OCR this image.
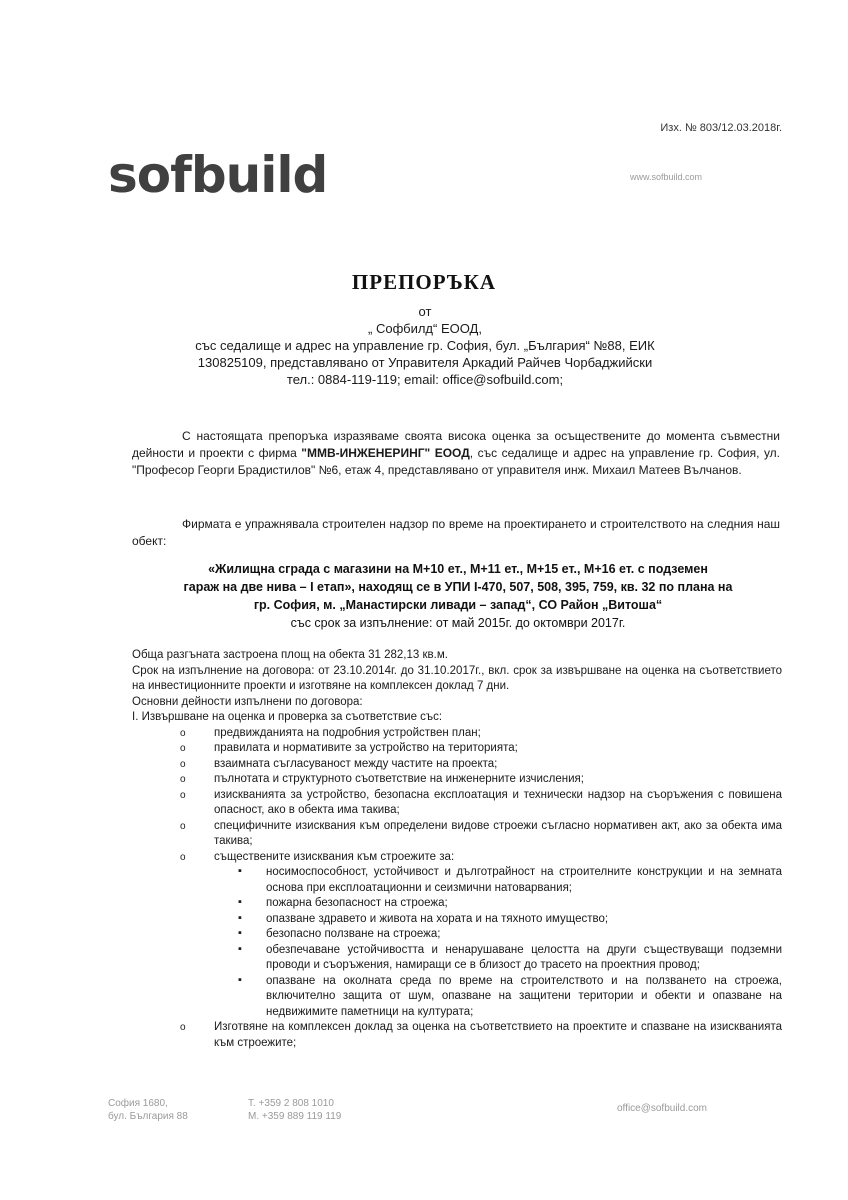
Изх. № 803/12.03.2018г.
sofbuild	www.sofbuild.com
ПРЕПОРЪКА
от
„ Софбилд“ ЕООД,
със седалище и адрес на управление гр. София, бул. „България“ №88, ЕИК
130825109, представлявано от Управителя Аркадий Райчев Чорбаджийски
тел.: 0884-119-119; email: office@sofbuild.com;
С настоящата препоръка изразяваме своята висока оценка за осъществените до момента съвместни дейности и проекти с фирма "ММВ-ИНЖЕНЕРИНГ" ЕООД, със седалище и адрес на управление гр. София, ул. "Професор Георги Брадистилов" №6, етаж 4, представлявано от управителя инж. Михаил Матеев Вълчанов.
Фирмата е упражнявала строителен надзор по време на проектирането и строителството на следния наш обект:
«Жилищна сграда с магазини на М+10 ет., М+11 ет., М+15 ет., М+16 ет. с подземен
гараж на две нива – I етап», находящ се в УПИ I-470, 507, 508, 395, 759, кв. 32 по плана на
гр. София, м. „Манастирски ливади – запад“, СО Район „Витоша“
със срок за изпълнение: от май 2015г. до октомври 2017г.
Обща разгъната застроена площ на обекта 31 282,13 кв.м.
Срок на изпълнение на договора: от 23.10.2014г. до 31.10.2017г., вкл. срок за извършване на оценка на съответствието на инвестиционните проекти и изготвяне на комплексен доклад 7 дни.
Основни дейности изпълнени по договора:
I. Извършване на оценка и проверка за съответствие със:
o предвижданията на подробния устройствен план;
o правилата и нормативите за устройство на територията;
o взаимната съгласуваност между частите на проекта;
o пълнотата и структурното съответствие на инженерните изчисления;
o изискванията за устройство, безопасна експлоатация и технически надзор на съоръжения с повишена опасност, ако в обекта има такива;
o специфичните изисквания към определени видове строежи съгласно нормативен акт, ако за обекта има такива;
o съществените изисквания към строежите за:
▪ носимоспособност, устойчивост и дълготрайност на строителните конструкции и на земната основа при експлоатационни и сеизмични натоварвания;
▪ пожарна безопасност на строежа;
▪ опазване здравето и живота на хората и на тяхното имущество;
▪ безопасно ползване на строежа;
▪ обезпечаване устойчивостта и ненарушаване целостта на други съществуващи подземни проводи и съоръжения, намиращи се в близост до трасето на проектния провод;
▪ опазване на околната среда по време на строителството и на ползването на строежа, включително защита от шум, опазване на защитени територии и обекти и опазване на недвижимите паметници на културата;
o Изготвяне на комплексен доклад за оценка на съответствието на проектите и спазване на изискванията към строежите;
София 1680,
бул. България 88
T. +359 2 808 1010
M. +359 889 119 119
office@sofbuild.com
